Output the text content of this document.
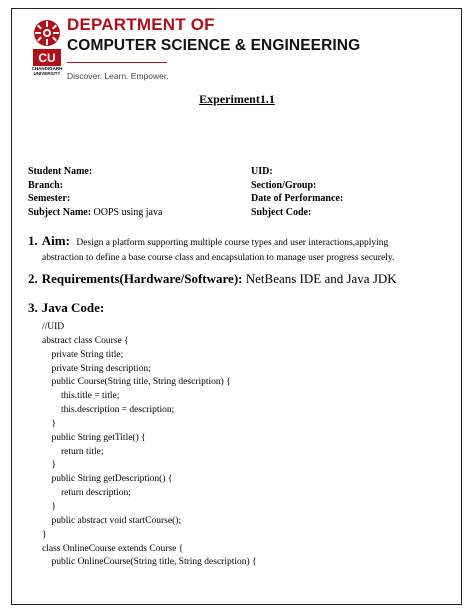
CU
CHANDIGARH
UNIVERSITY
DEPARTMENT OF
COMPUTER SCIENCE & ENGINEERING
Discover. Learn. Empower.
Experiment1.1
Student Name:	UID:
Branch:	Section/Group:
Semester:	Date of Performance:
Subject Name: OOPS using java	Subject Code:
1. Aim: Design a platform supporting multiple course types and user interactions,applying
abstraction to define a base course class and encapsulation to manage user progress securely.
2. Requirements(Hardware/Software): NetBeans IDE and Java JDK
3. Java Code:
//UID
abstract class Course {
private String title;
private String description;
public Course(String title, String description) {
this.title = title;
this.description = description;
}
public String getTitle() {
return title;
}
public String getDescription() {
return description;
}
public abstract void startCourse();
}
class OnlineCourse extends Course {
public OnlineCourse(String title, String description) {
